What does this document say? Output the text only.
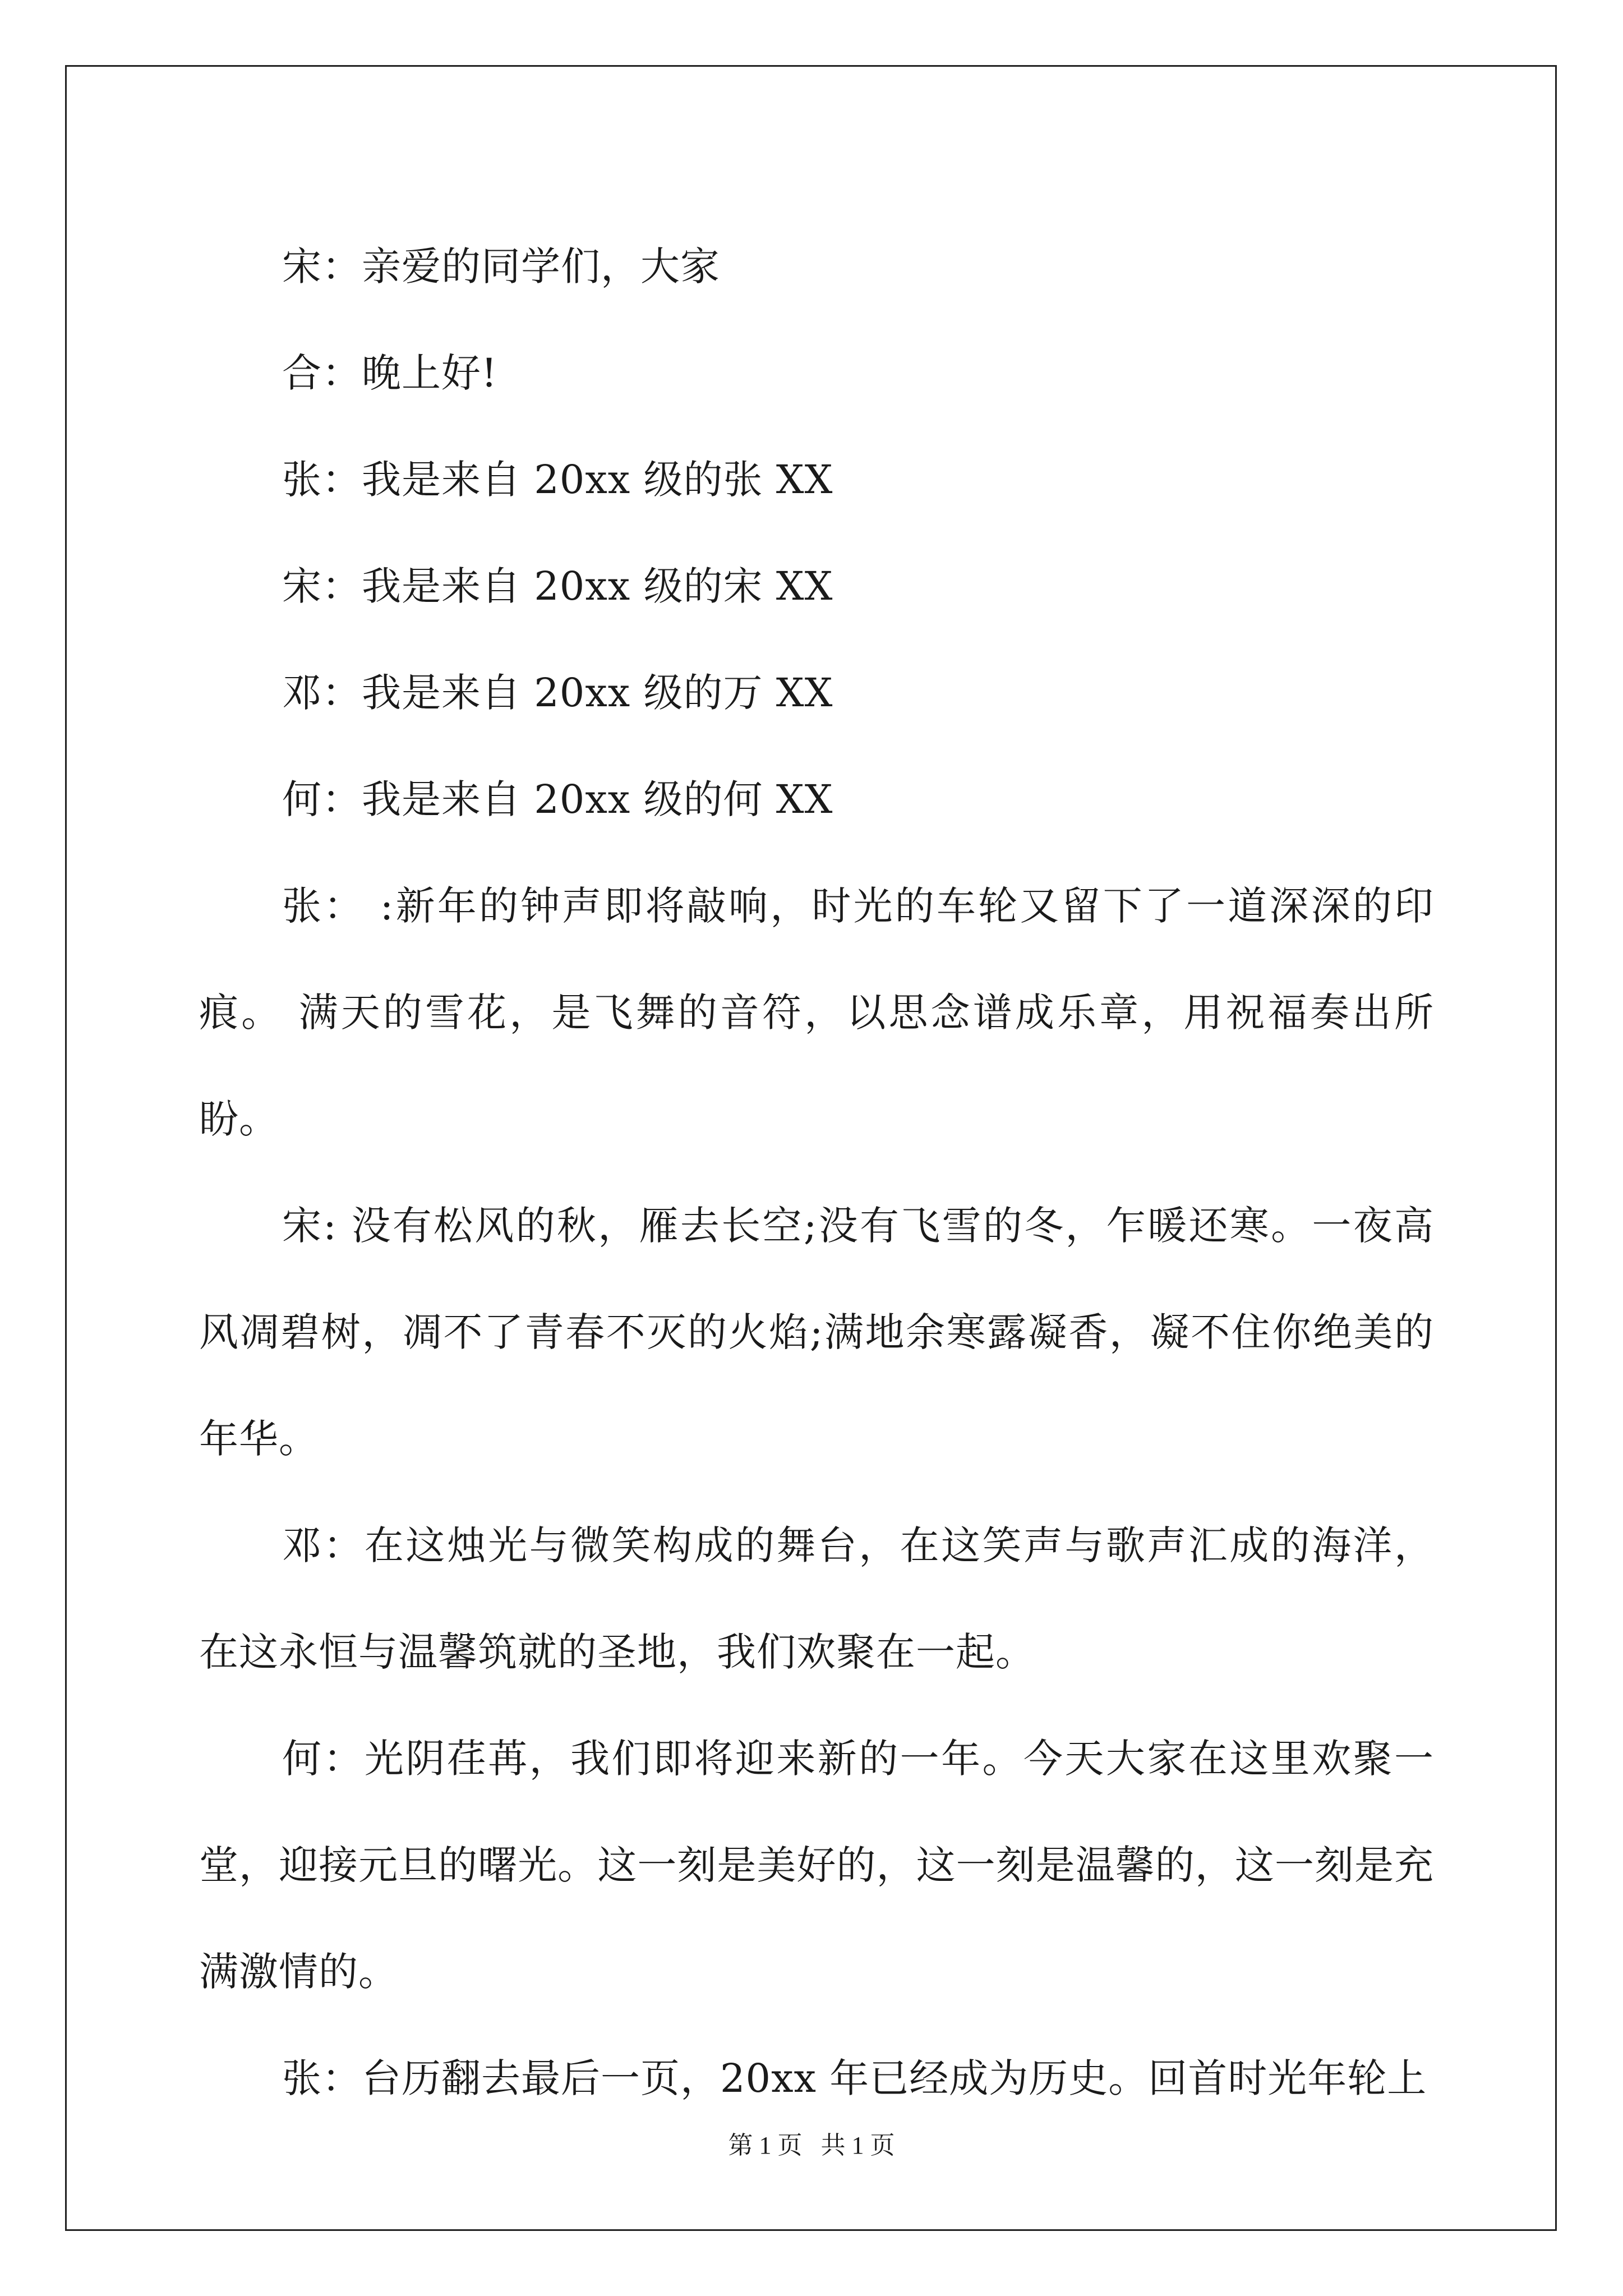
宋：亲爱的同学们，大家

合：晚上好!

张：我是来自 20xx 级的张 XX

宋：我是来自 20xx 级的宋 XX

邓：我是来自 20xx 级的万 XX

何：我是来自 20xx 级的何 XX

张： :新年的钟声即将敲响，时光的车轮又留下了一道深深的印痕。 满天的雪花，是飞舞的音符，以思念谱成乐章，用祝福奏出所盼。

宋: 没有松风的秋，雁去长空;没有飞雪的冬，乍暖还寒。一夜高风凋碧树，凋不了青春不灭的火焰;满地余寒露凝香，凝不住你绝美的年华。

邓：在这烛光与微笑构成的舞台，在这笑声与歌声汇成的海洋，在这永恒与温馨筑就的圣地，我们欢聚在一起。

何：光阴荏苒，我们即将迎来新的一年。今天大家在这里欢聚一堂，迎接元旦的曙光。这一刻是美好的，这一刻是温馨的，这一刻是充满激情的。

张：台历翻去最后一页，20xx 年已经成为历史。回首时光年轮上

第 1 页 共 1 页
